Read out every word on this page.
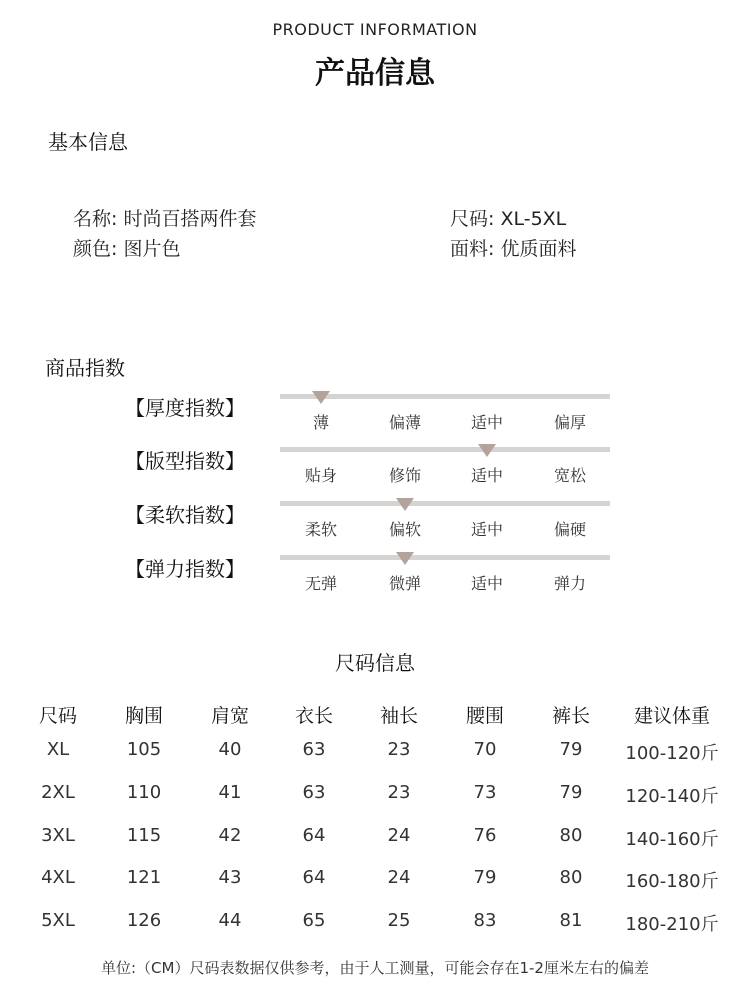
PRODUCT INFORMATION
产品信息
基本信息
名称: 时尚百搭两件套	尺码: XL-5XL
颜色: 图片色	面料: 优质面料
商品指数
【厚度指数】
薄	偏薄	适中	偏厚
【版型指数】
贴身	修饰	适中	宽松
【柔软指数】
柔软	偏软	适中	偏硬
【弹力指数】
无弹	微弹	适中	弹力
尺码信息
尺码	胸围	肩宽	衣长	袖长	腰围	裤长	建议体重
XL	105	40	63	23	70	79	100-120斤
2XL	110	41	63	23	73	79	120-140斤
3XL	115	42	64	24	76	80	140-160斤
4XL	121	43	64	24	79	80	160-180斤
5XL	126	44	65	25	83	81	180-210斤
单位:（CM）尺码表数据仅供参考，由于人工测量，可能会存在1-2厘米左右的偏差
